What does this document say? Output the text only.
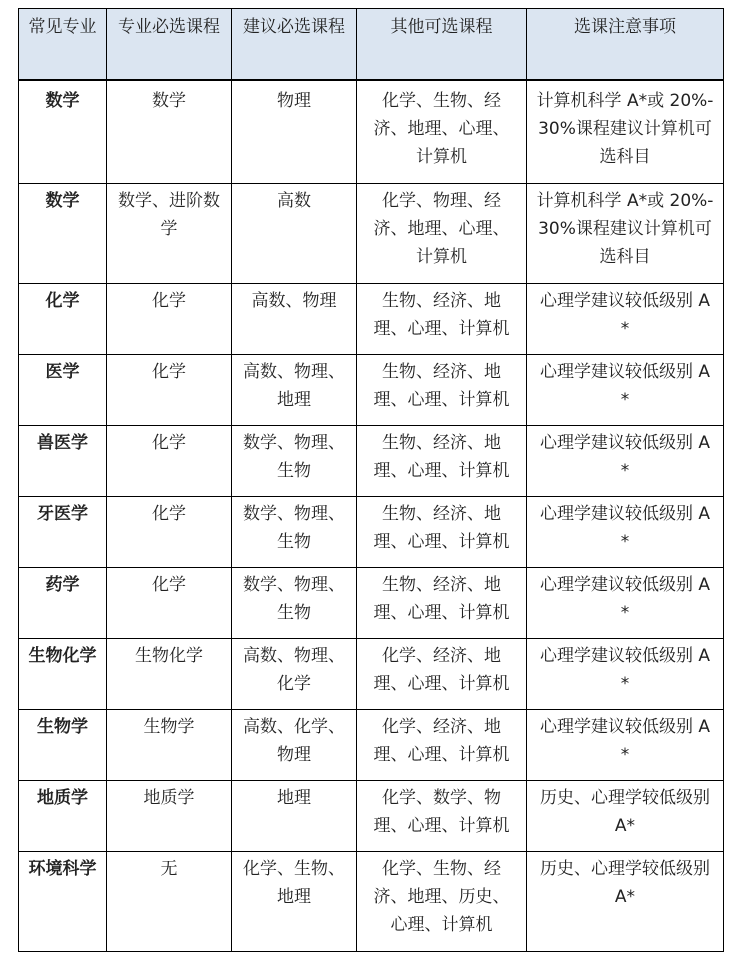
常见专业	专业必选课程	建议必选课程	其他可选课程	选课注意事项
数学	数学	物理	化学、生物、经济、地理、心理、计算机	计算机科学 A*或 20%-30%课程建议计算机可选科目
数学	数学、进阶数学	高数	化学、物理、经济、地理、心理、计算机	计算机科学 A*或 20%-30%课程建议计算机可选科目
化学	化学	高数、物理	生物、经济、地理、心理、计算机	心理学建议较低级别 A*
医学	化学	高数、物理、地理	生物、经济、地理、心理、计算机	心理学建议较低级别 A*
兽医学	化学	数学、物理、生物	生物、经济、地理、心理、计算机	心理学建议较低级别 A*
牙医学	化学	数学、物理、生物	生物、经济、地理、心理、计算机	心理学建议较低级别 A*
药学	化学	数学、物理、生物	生物、经济、地理、心理、计算机	心理学建议较低级别 A*
生物化学	生物化学	高数、物理、化学	化学、经济、地理、心理、计算机	心理学建议较低级别 A*
生物学	生物学	高数、化学、物理	化学、经济、地理、心理、计算机	心理学建议较低级别 A*
地质学	地质学	地理	化学、数学、物理、心理、计算机	历史、心理学较低级别 A*
环境科学	无	化学、生物、地理	化学、生物、经济、地理、历史、心理、计算机	历史、心理学较低级别 A*
